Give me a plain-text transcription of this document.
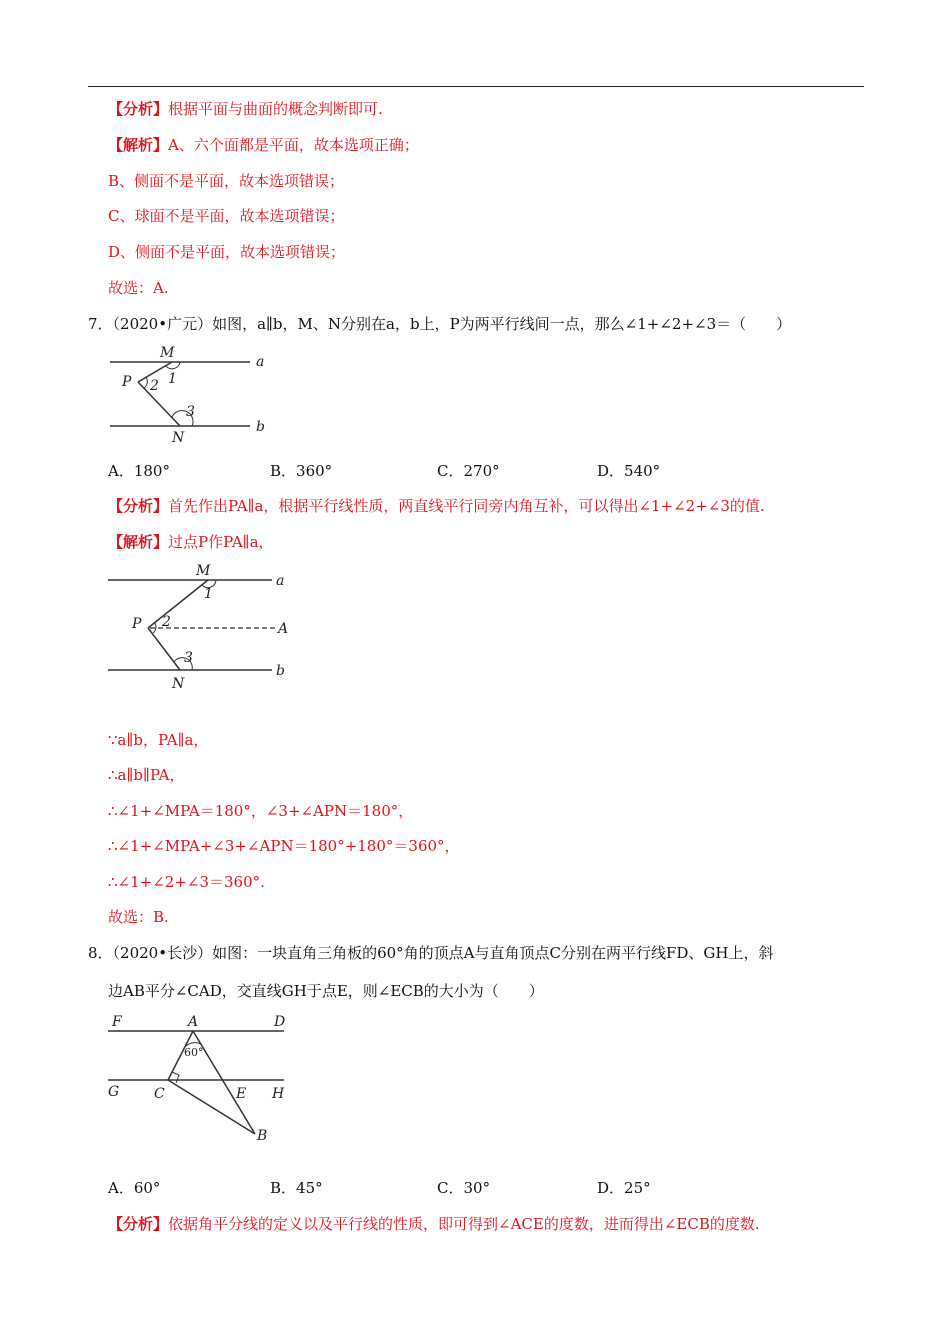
【分析】根据平面与曲面的概念判断即可.
【解析】A、六个面都是平面，故本选项正确；
B、侧面不是平面，故本选项错误；
C、球面不是平面，故本选项错误；
D、侧面不是平面，故本选项错误；
故选：A.
7．（2020•广元）如图，a∥b，M、N分别在a，b上，P为两平行线间一点，那么∠1+∠2+∠3＝（　　）
M
a
P 2 1
3
b
N
A．180°	B．360°	C．270°	D．540°
【分析】首先作出PA∥a，根据平行线性质，两直线平行同旁内角互补，可以得出∠1+∠2+∠3的值.
【解析】过点P作PA∥a，
M
a
1
P 2	A
3
b
N
∵a∥b，PA∥a，
∴a∥b∥PA，
∴∠1+∠MPA＝180°，∠3+∠APN＝180°，
∴∠1+∠MPA+∠3+∠APN＝180°+180°＝360°，
∴∠1+∠2+∠3＝360°.
故选：B.
8．（2020•长沙）如图：一块直角三角板的60°角的顶点A与直角顶点C分别在两平行线FD、GH上，斜
边AB平分∠CAD，交直线GH于点E，则∠ECB的大小为（　　）
F	A	D
60°
G C	E H
B
A．60°	B．45°	C．30°	D．25°
【分析】依据角平分线的定义以及平行线的性质，即可得到∠ACE的度数，进而得出∠ECB的度数.
